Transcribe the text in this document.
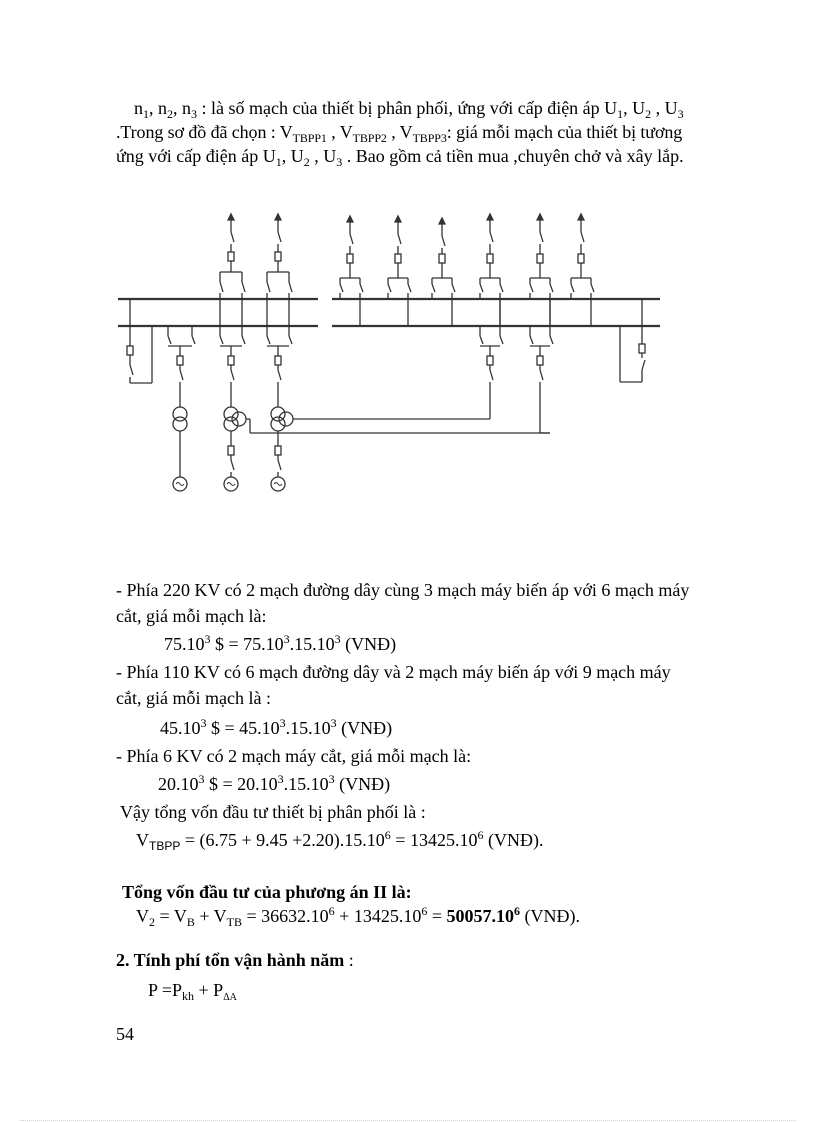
$n_1$, $n_2$, $n_3$ : là số mạch của thiết bị phân phối, ứng với cấp điện áp $U_1$, $U_2$ , $U_3$
.Trong sơ đồ đã chọn : $V_{TBPP1}$ , $V_{TBPP2}$ , $V_{TBPP3}$: giá mỗi mạch của thiết bị tương
ứng với cấp điện áp $U_1$, $U_2$ , $U_3$ . Bao gồm cả tiền mua ,chuyên chở và xây lắp.
- Phía 220 KV có 2 mạch đường dây cùng 3 mạch máy biến áp với 6 mạch máy
cắt, giá mỗi mạch là:
75.10$^3$ $ = $75.10^3.15.10^3$ (VNĐ)
- Phía 110 KV có 6 mạch đường dây và 2 mạch máy biến áp với 9 mạch máy
cắt, giá mỗi mạch là :
45.10$^3$ $ = $45.10^3.15.10^3$ (VNĐ)
- Phía 6 KV có 2 mạch máy cắt, giá mỗi mạch là:
20.10$^3$ $ = $20.10^3.15.10^3$ (VNĐ)
Vậy tổng vốn đầu tư thiết bị phân phối là :
$V_{TBPP} = (6.75 + 9.45 +2.20).15.10^6 = 13425.10^6$ (VNĐ).
Tổng vốn đầu tư của phương án II là:
$V_2 = V_B + V_{TB} = 36632.10^6 + 13425.10^6 = 50057.10^6$ (VNĐ).
2. Tính phí tổn vận hành năm :
$P =P_{kh} + P_{\Delta A}$
54
